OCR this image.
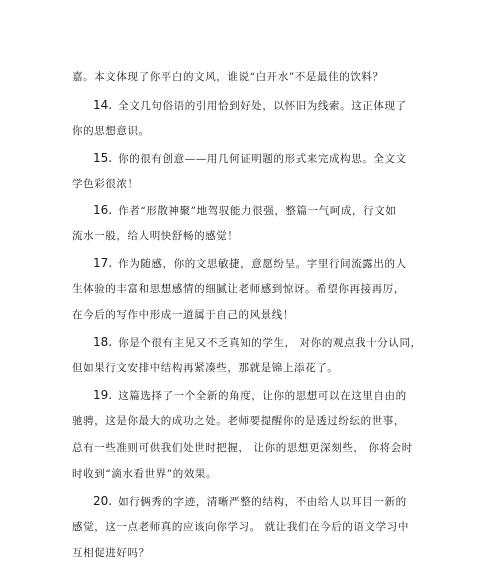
嘉。本文体现了你平白的文风，谁说“白开水”不是最佳的饮料？
14. 全文几句俗语的引用恰到好处，以怀旧为线索。这正体现了
你的思想意识。
15. 你的很有创意——用几何证明题的形式来完成构思。全文文
学色彩很浓！
16. 作者“形散神聚”地驾驭能力很强，整篇一气呵成，行文如
流水一般，给人明快舒畅的感觉！
17. 作为随感，你的文思敏捷，意愿纷呈。字里行间流露出的人
生体验的丰富和思想感情的细腻让老师感到惊讶。希望你再接再厉，
在今后的写作中形成一道属于自己的风景线！
18. 你是个很有主见又不乏真知的学生， 对你的观点我十分认同，
但如果行文安排中结构再紧凑些，那就是锦上添花了。
19. 这篇选择了一个全新的角度，让你的思想可以在这里自由的
驰骋，这是你最大的成功之处。老师要提醒你的是透过纷纭的世事，
总有一些准则可供我们处世时把握， 让你的思想更深刻些， 你将会时
时收到“滴水看世界”的效果。
20. 如行俩秀的字迹，清晰严整的结构，不由给人以耳目一新的
感觉，这一点老师真的应该向你学习。 就让我们在今后的语文学习中
互相促进好吗？
